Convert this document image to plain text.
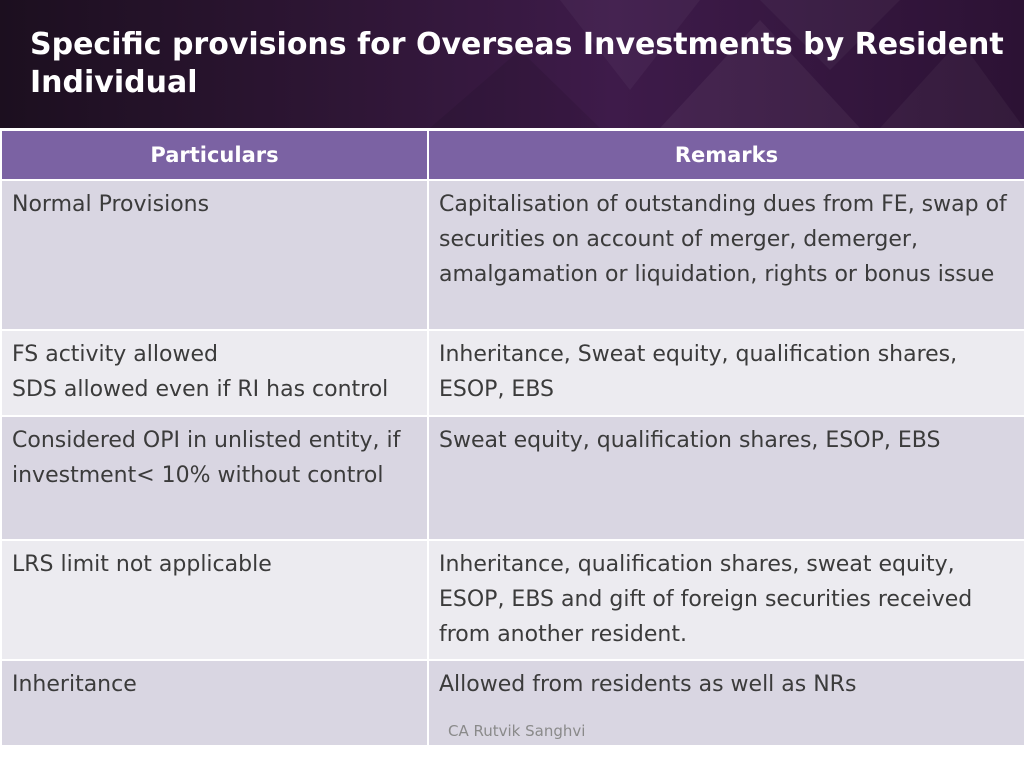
Specific provisions for Overseas Investments by Resident Individual
Particulars	Remarks

Normal Provisions	Capitalisation of outstanding dues from FE, swap of securities on account of merger, demerger, amalgamation or liquidation, rights or bonus issue

FS activity allowed
SDS allowed even if RI has control	Inheritance, Sweat equity, qualification shares, ESOP, EBS

Considered OPI in unlisted entity, if investment< 10% without control	Sweat equity, qualification shares, ESOP, EBS

LRS limit not applicable	Inheritance, qualification shares, sweat equity, ESOP, EBS and gift of foreign securities received from another resident.

Inheritance	Allowed from residents as well as NRs
CA Rutvik Sanghvi
